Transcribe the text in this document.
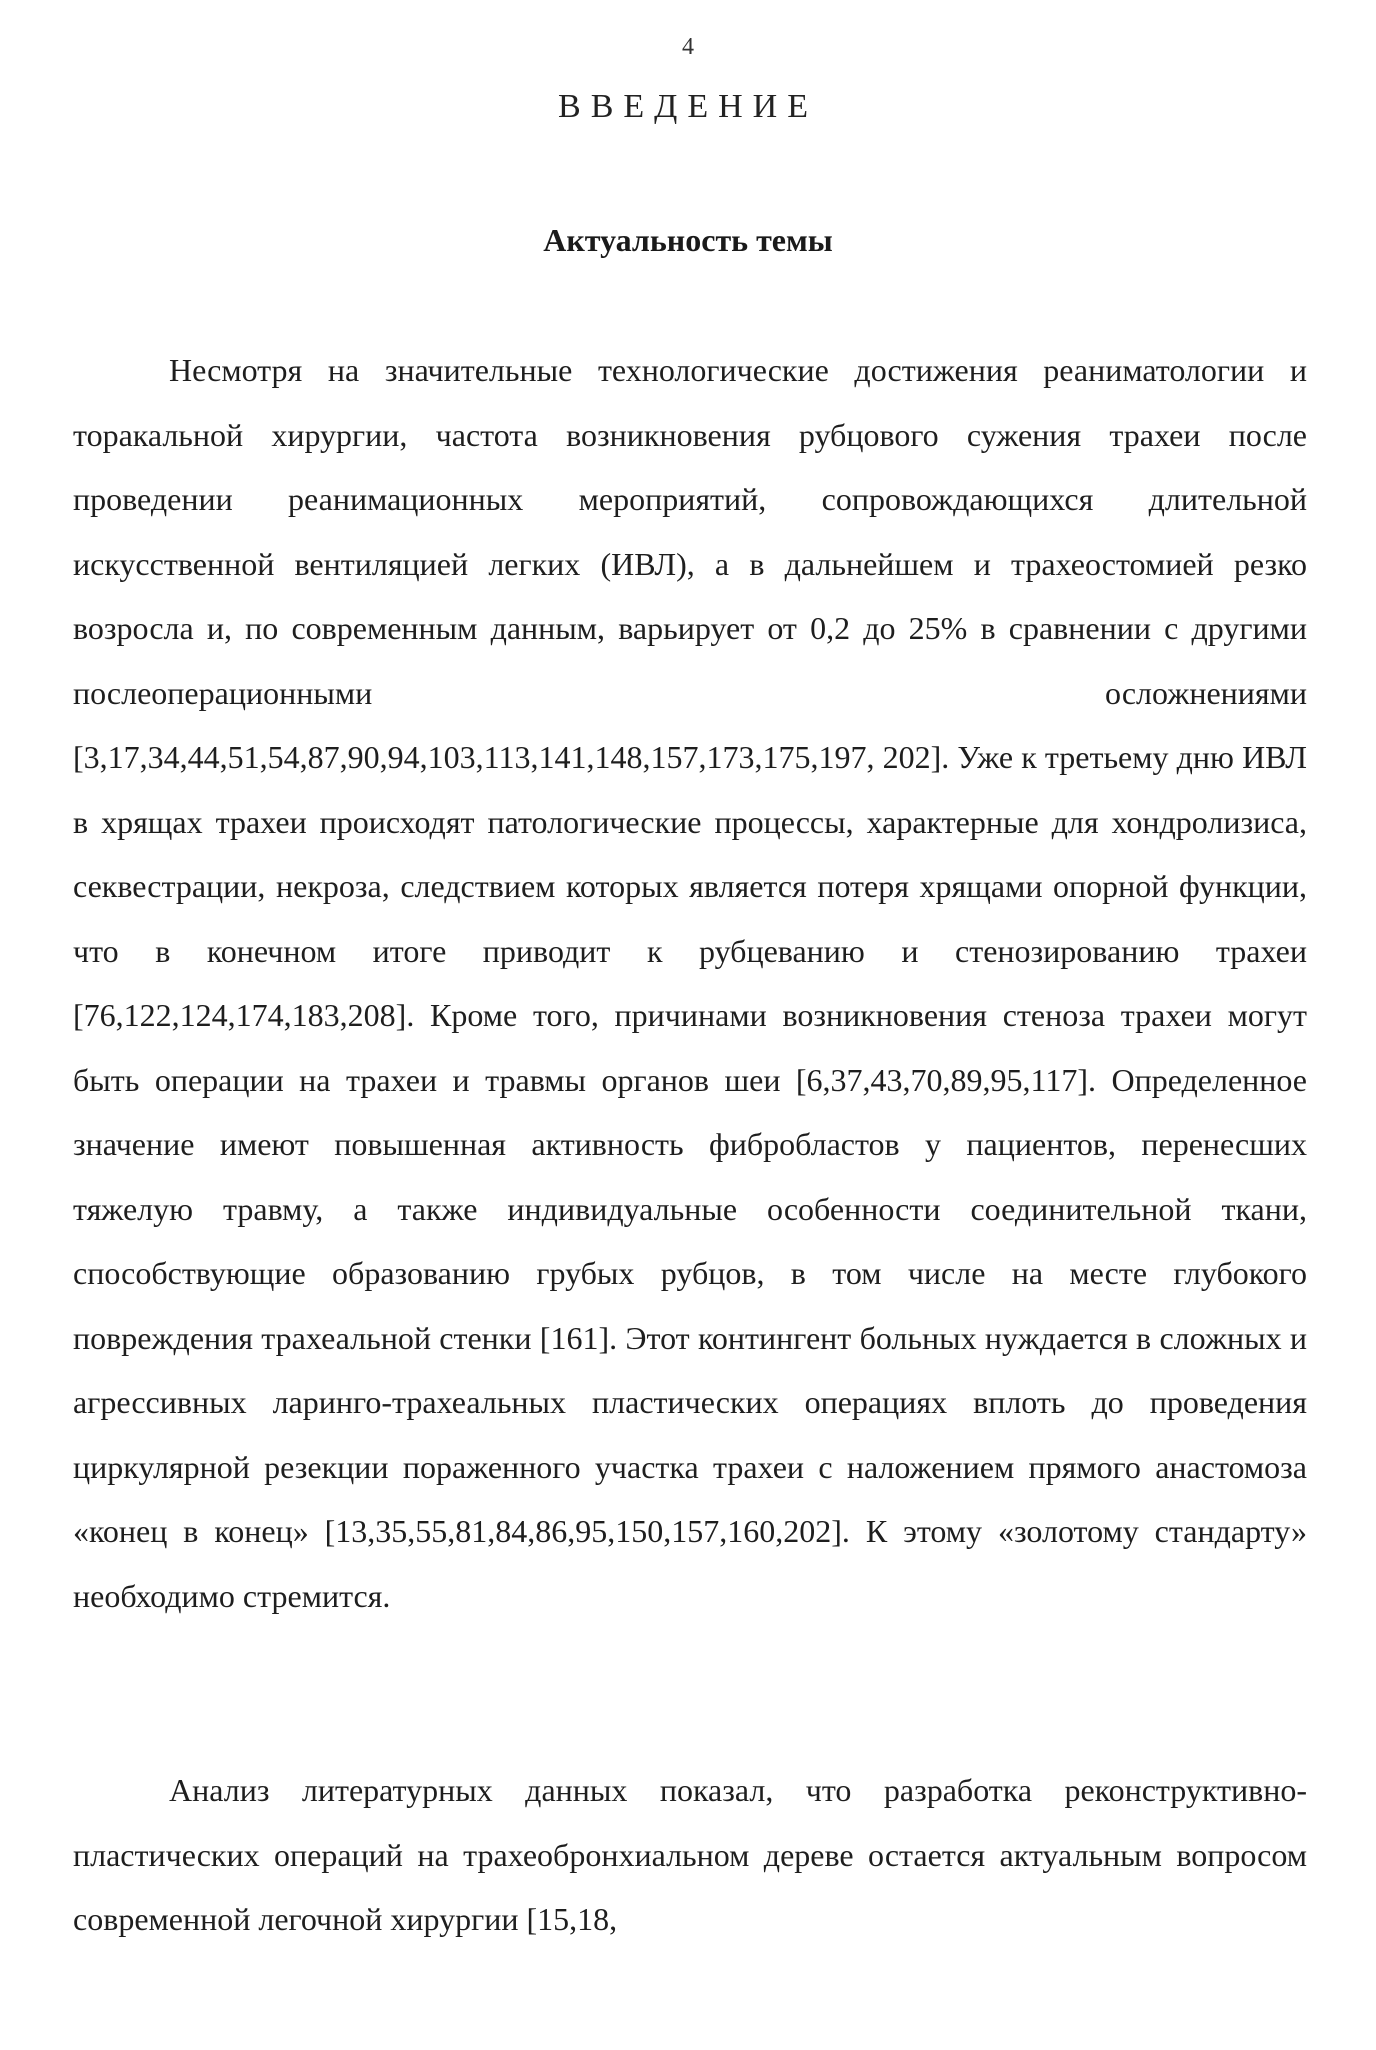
4
ВВЕДЕНИЕ
Актуальность темы

Несмотря на значительные технологические достижения реаниматологии и торакальной хирургии, частота возникновения рубцового сужения трахеи после проведении реанимационных мероприятий, сопровождающихся длительной искусственной вентиляцией легких (ИВЛ), а в дальнейшем и трахеостомией резко возросла и, по современным данным, варьирует от 0,2 до 25% в сравнении с другими послеоперационными осложнениями [3,17,34,44,51,54,87,90,94,103,113,141,148,157,173,175,197, 202]. Уже к третьему дню ИВЛ в хрящах трахеи происходят патологические процессы, характерные для хондролизиса, секвестрации, некроза, следствием которых является потеря хрящами опорной функции, что в конечном итоге приводит к рубцеванию и стенозированию трахеи [76,122,124,174,183,208]. Кроме того, причинами возникновения стеноза трахеи могут быть операции на трахеи и травмы органов шеи [6,37,43,70,89,95,117]. Определенное значение имеют повышенная активность фибробластов у пациентов, перенесших тяжелую травму, а также индивидуальные особенности соединительной ткани, способствующие образованию грубых рубцов, в том числе на месте глубокого повреждения трахеальной стенки [161]. Этот контингент больных нуждается в сложных и агрессивных ларинго-трахеальных пластических операциях вплоть до проведения циркулярной резекции пораженного участка трахеи с наложением прямого анастомоза «конец в конец» [13,35,55,81,84,86,95,150,157,160,202]. К этому «золотому стандарту» необходимо стремится.

Анализ литературных данных показал, что разработка реконструктивно-пластических операций на трахеобронхиальном дереве остается актуальным вопросом современной легочной хирургии [15,18,
